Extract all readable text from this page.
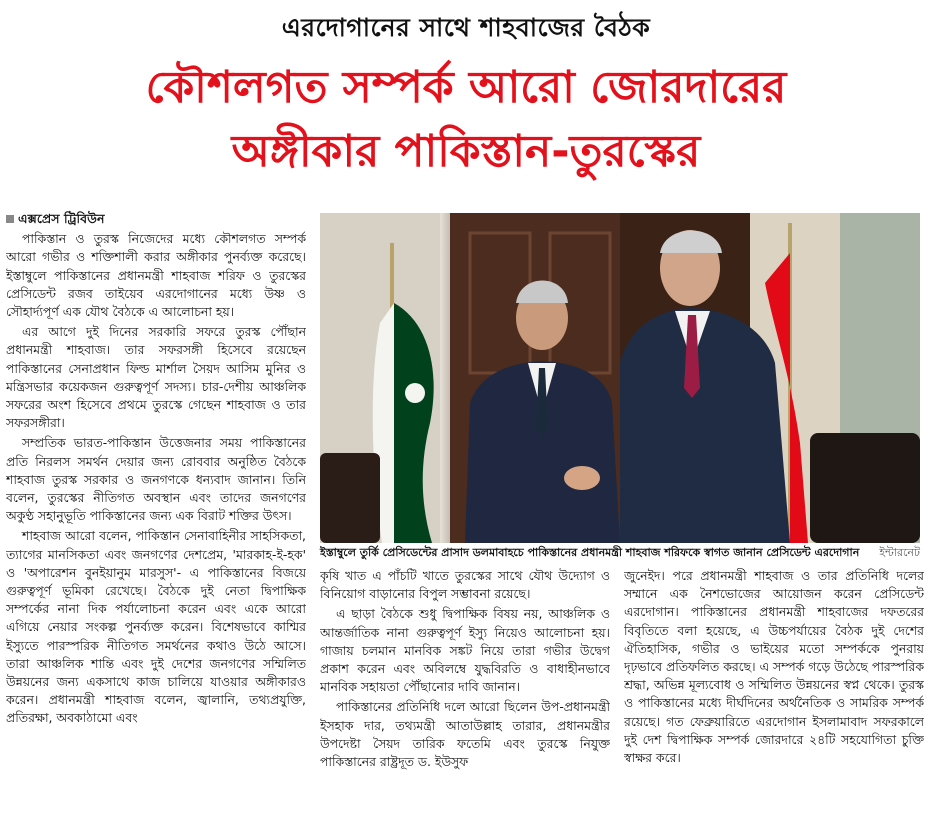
এরদোগানের সাথে শাহবাজের বৈঠক
কৌশলগত সম্পর্ক আরো জোরদারের
অঙ্গীকার পাকিস্তান-তুরস্কের
এক্সপ্রেস ট্রিবিউন

পাকিস্তান ও তুরস্ক নিজেদের মধ্যে কৌশলগত সম্পর্ক আরো গভীর ও শক্তিশালী করার অঙ্গীকার পুনর্ব্যক্ত করেছে। ইস্তাম্বুলে পাকিস্তানের প্রধানমন্ত্রী শাহবাজ শরিফ ও তুরস্কের প্রেসিডেন্ট রজব তাইয়েব এরদোগানের মধ্যে উষ্ণ ও সৌহার্দ্যপূর্ণ এক যৌথ বৈঠকে এ আলোচনা হয়।

এর আগে দুই দিনের সরকারি সফরে তুরস্ক পৌঁছান প্রধানমন্ত্রী শাহবাজ। তার সফরসঙ্গী হিসেবে রয়েছেন পাকিস্তানের সেনাপ্রধান ফিল্ড মার্শাল সৈয়দ আসিম মুনির ও মন্ত্রিসভার কয়েকজন গুরুত্বপূর্ণ সদস্য। চার-দেশীয় আঞ্চলিক সফরের অংশ হিসেবে প্রথমে তুরস্কে গেছেন শাহবাজ ও তার সফরসঙ্গীরা।

সম্প্রতিক ভারত-পাকিস্তান উত্তেজনার সময় পাকিস্তানের প্রতি নিরলস সমর্থন দেয়ার জন্য রোববার অনুষ্ঠিত বৈঠকে শাহবাজ তুরস্ক সরকার ও জনগণকে ধন্যবাদ জানান। তিনি বলেন, তুরস্কের নীতিগত অবস্থান এবং তাদের জনগণের অকুণ্ঠ সহানুভূতি পাকিস্তানের জন্য এক বিরাট শক্তির উৎস।

শাহবাজ আরো বলেন, পাকিস্তান সেনাবাহিনীর সাহসিকতা, ত্যাগের মানসিকতা এবং জনগণের দেশপ্রেম, 'মারকাহ-ই-হক' ও 'অপারেশন বুনইয়ানুম মারসুস'- এ পাকিস্তানের বিজয়ে গুরুত্বপূর্ণ ভূমিকা রেখেছে। বৈঠকে দুই নেতা দ্বিপাক্ষিক সম্পর্কের নানা দিক পর্যালোচনা করেন এবং একে আরো এগিয়ে নেয়ার সংকল্প পুনর্ব্যক্ত করেন। বিশেষভাবে কাশ্মির ইস্যুতে পারস্পরিক নীতিগত সমর্থনের কথাও উঠে আসে। তারা আঞ্চলিক শান্তি এবং দুই দেশের জনগণের সম্মিলিত উন্নয়নের জন্য একসাথে কাজ চালিয়ে যাওয়ার অঙ্গীকারও করেন। প্রধানমন্ত্রী শাহবাজ বলেন, জ্বালানি, তথ্যপ্রযুক্তি, প্রতিরক্ষা, অবকাঠামো এবং

ইস্তাম্বুলে তুর্কি প্রেসিডেন্টের প্রাসাদ ডলমাবাহচে পাকিস্তানের প্রধানমন্ত্রী শাহবাজ শরিফকে স্বাগত জানান প্রেসিডেন্ট এরদোগান ইন্টারনেট

কৃষি খাত এ পাঁচটি খাতে তুরস্কের সাথে যৌথ উদ্যোগ ও বিনিয়োগ বাড়ানোর বিপুল সম্ভাবনা রয়েছে।

এ ছাড়া বৈঠকে শুধু দ্বিপাক্ষিক বিষয় নয়, আঞ্চলিক ও আন্তর্জাতিক নানা গুরুত্বপূর্ণ ইস্যু নিয়েও আলোচনা হয়। গাজায় চলমান মানবিক সঙ্কট নিয়ে তারা গভীর উদ্বেগ প্রকাশ করেন এবং অবিলম্বে যুদ্ধবিরতি ও বাধাহীনভাবে মানবিক সহায়তা পৌঁছানোর দাবি জানান।

পাকিস্তানের প্রতিনিধি দলে আরো ছিলেন উপ-প্রধানমন্ত্রী ইসহাক দার, তথ্যমন্ত্রী আতাউল্লাহ তারার, প্রধানমন্ত্রীর উপদেষ্টা সৈয়দ তারিক ফতেমি এবং তুরস্কে নিযুক্ত পাকিস্তানের রাষ্ট্রদূত ড. ইউসুফ

জুনেইদ। পরে প্রধানমন্ত্রী শাহবাজ ও তার প্রতিনিধি দলের সম্মানে এক নৈশভোজের আয়োজন করেন প্রেসিডেন্ট এরদোগান। পাকিস্তানের প্রধানমন্ত্রী শাহবাজের দফতরের বিবৃতিতে বলা হয়েছে, এ উচ্চপর্যায়ের বৈঠক দুই দেশের ঐতিহাসিক, গভীর ও ভাইয়ের মতো সম্পর্ককে পুনরায় দৃঢ়ভাবে প্রতিফলিত করছে। এ সম্পর্ক গড়ে উঠেছে পারস্পরিক শ্রদ্ধা, অভিন্ন মূল্যবোধ ও সম্মিলিত উন্নয়নের স্বপ্ন থেকে। তুরস্ক ও পাকিস্তানের মধ্যে দীর্ঘদিনের অর্থনৈতিক ও সামরিক সম্পর্ক রয়েছে। গত ফেব্রুয়ারিতে এরদোগান ইসলামাবাদ সফরকালে দুই দেশ দ্বিপাক্ষিক সম্পর্ক জোরদারে ২৪টি সহযোগিতা চুক্তি স্বাক্ষর করে।
